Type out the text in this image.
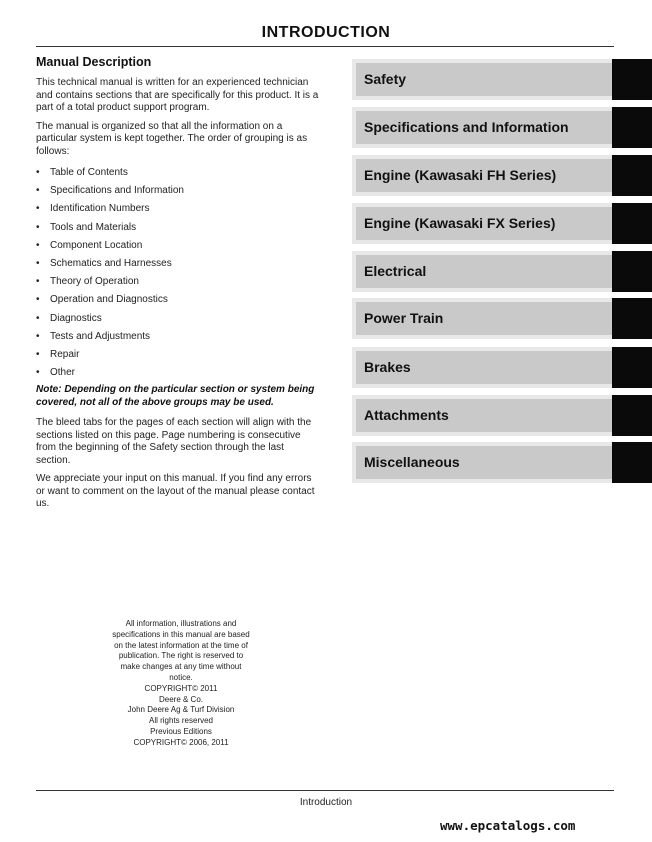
INTRODUCTION
Manual Description

This technical manual is written for an experienced technician and contains sections that are specifically for this product. It is a part of a total product support program.

The manual is organized so that all the information on a particular system is kept together. The order of grouping is as follows:

• Table of Contents
• Specifications and Information
• Identification Numbers
• Tools and Materials
• Component Location
• Schematics and Harnesses
• Theory of Operation
• Operation and Diagnostics
• Diagnostics
• Tests and Adjustments
• Repair
• Other

Note: Depending on the particular section or system being covered, not all of the above groups may be used.

The bleed tabs for the pages of each section will align with the sections listed on this page. Page numbering is consecutive from the beginning of the Safety section through the last section.

We appreciate your input on this manual. If you find any errors or want to comment on the layout of the manual please contact us.

Safety
Specifications and Information
Engine (Kawasaki FH Series)
Engine (Kawasaki FX Series)
Electrical
Power Train
Brakes
Attachments
Miscellaneous
All information, illustrations and
specifications in this manual are based
on the latest information at the time of
publication. The right is reserved to
make changes at any time without
notice.
COPYRIGHT© 2011
Deere & Co.
John Deere Ag & Turf Division
All rights reserved
Previous Editions
COPYRIGHT© 2006, 2011
Introduction
www.epcatalogs.com
